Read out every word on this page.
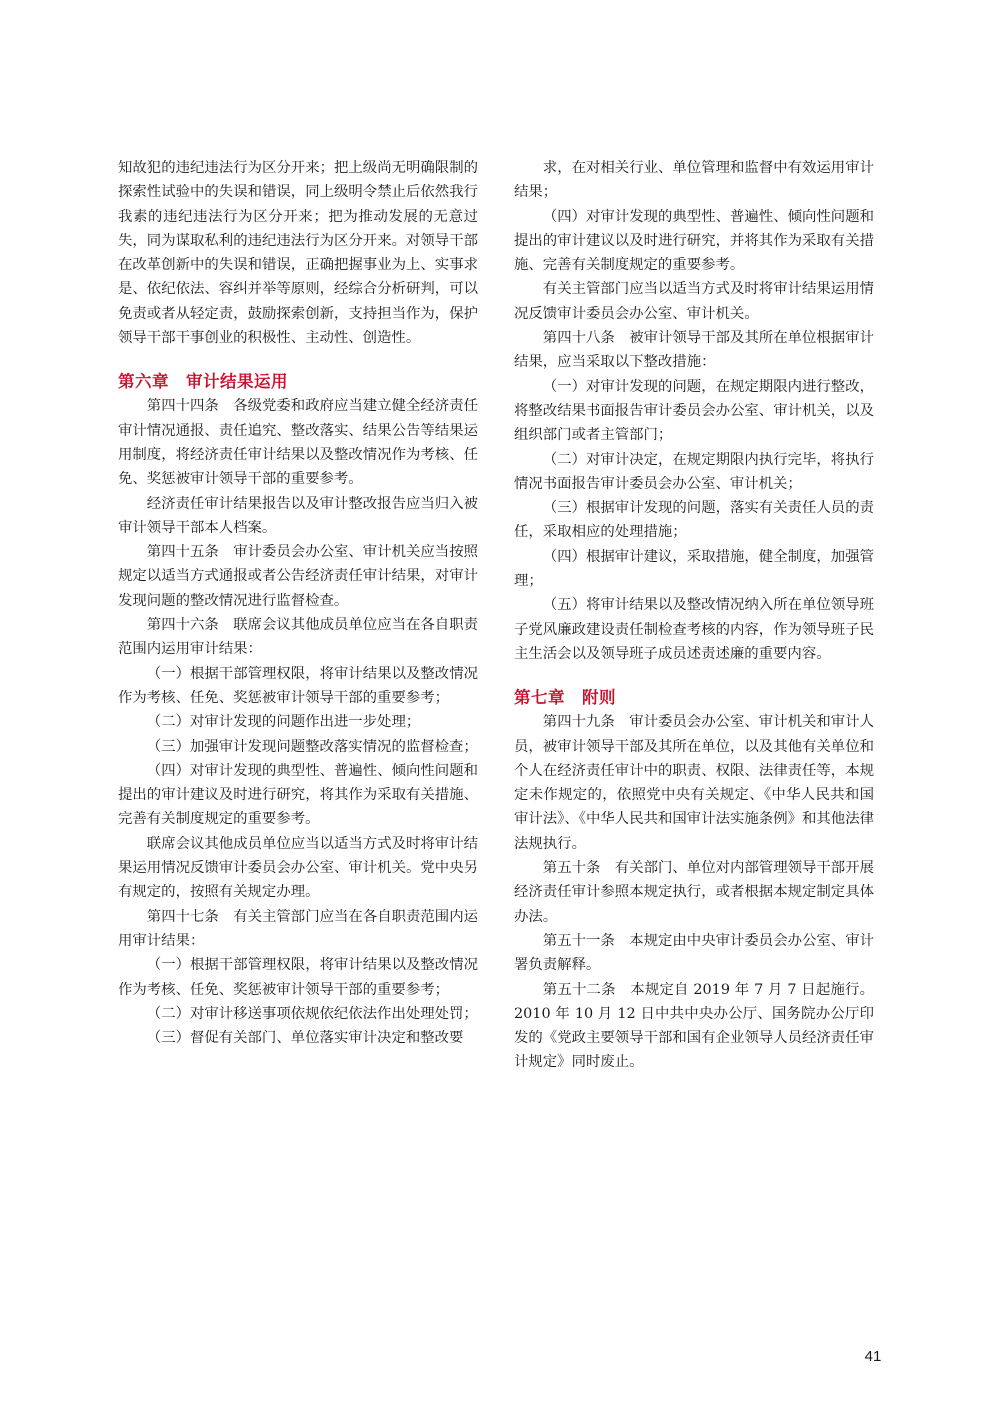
知故犯的违纪违法行为区分开来；把上级尚无明确限制的探索性试验中的失误和错误，同上级明令禁止后依然我行我素的违纪违法行为区分开来；把为推动发展的无意过失，同为谋取私利的违纪违法行为区分开来。对领导干部在改革创新中的失误和错误，正确把握事业为上、实事求是、依纪依法、容纠并举等原则，经综合分析研判，可以免责或者从轻定责，鼓励探索创新，支持担当作为，保护领导干部干事创业的积极性、主动性、创造性。

第六章　审计结果运用

第四十四条　各级党委和政府应当建立健全经济责任审计情况通报、责任追究、整改落实、结果公告等结果运用制度，将经济责任审计结果以及整改情况作为考核、任免、奖惩被审计领导干部的重要参考。

经济责任审计结果报告以及审计整改报告应当归入被审计领导干部本人档案。

第四十五条　审计委员会办公室、审计机关应当按照规定以适当方式通报或者公告经济责任审计结果，对审计发现问题的整改情况进行监督检查。

第四十六条　联席会议其他成员单位应当在各自职责范围内运用审计结果：

（一）根据干部管理权限，将审计结果以及整改情况作为考核、任免、奖惩被审计领导干部的重要参考；

（二）对审计发现的问题作出进一步处理；

（三）加强审计发现问题整改落实情况的监督检查；

（四）对审计发现的典型性、普遍性、倾向性问题和提出的审计建议及时进行研究，将其作为采取有关措施、完善有关制度规定的重要参考。

联席会议其他成员单位应当以适当方式及时将审计结果运用情况反馈审计委员会办公室、审计机关。党中央另有规定的，按照有关规定办理。

第四十七条　有关主管部门应当在各自职责范围内运用审计结果：

（一）根据干部管理权限，将审计结果以及整改情况作为考核、任免、奖惩被审计领导干部的重要参考；

（二）对审计移送事项依规依纪依法作出处理处罚；

（三）督促有关部门、单位落实审计决定和整改要

求，在对相关行业、单位管理和监督中有效运用审计结果；

（四）对审计发现的典型性、普遍性、倾向性问题和提出的审计建议以及时进行研究，并将其作为采取有关措施、完善有关制度规定的重要参考。

有关主管部门应当以适当方式及时将审计结果运用情况反馈审计委员会办公室、审计机关。

第四十八条　被审计领导干部及其所在单位根据审计结果，应当采取以下整改措施：

（一）对审计发现的问题，在规定期限内进行整改，将整改结果书面报告审计委员会办公室、审计机关，以及组织部门或者主管部门；

（二）对审计决定，在规定期限内执行完毕，将执行情况书面报告审计委员会办公室、审计机关；

（三）根据审计发现的问题，落实有关责任人员的责任，采取相应的处理措施；

（四）根据审计建议，采取措施，健全制度，加强管理；

（五）将审计结果以及整改情况纳入所在单位领导班子党风廉政建设责任制检查考核的内容，作为领导班子民主生活会以及领导班子成员述责述廉的重要内容。

第七章　附则

第四十九条　审计委员会办公室、审计机关和审计人员，被审计领导干部及其所在单位，以及其他有关单位和个人在经济责任审计中的职责、权限、法律责任等，本规定未作规定的，依照党中央有关规定、《中华人民共和国审计法》、《中华人民共和国审计法实施条例》和其他法律法规执行。

第五十条　有关部门、单位对内部管理领导干部开展经济责任审计参照本规定执行，或者根据本规定制定具体办法。

第五十一条　本规定由中央审计委员会办公室、审计署负责解释。

第五十二条　本规定自 2019 年 7 月 7 日起施行。2010 年 10 月 12 日中共中央办公厅、国务院办公厅印发的《党政主要领导干部和国有企业领导人员经济责任审计规定》同时废止。

41
